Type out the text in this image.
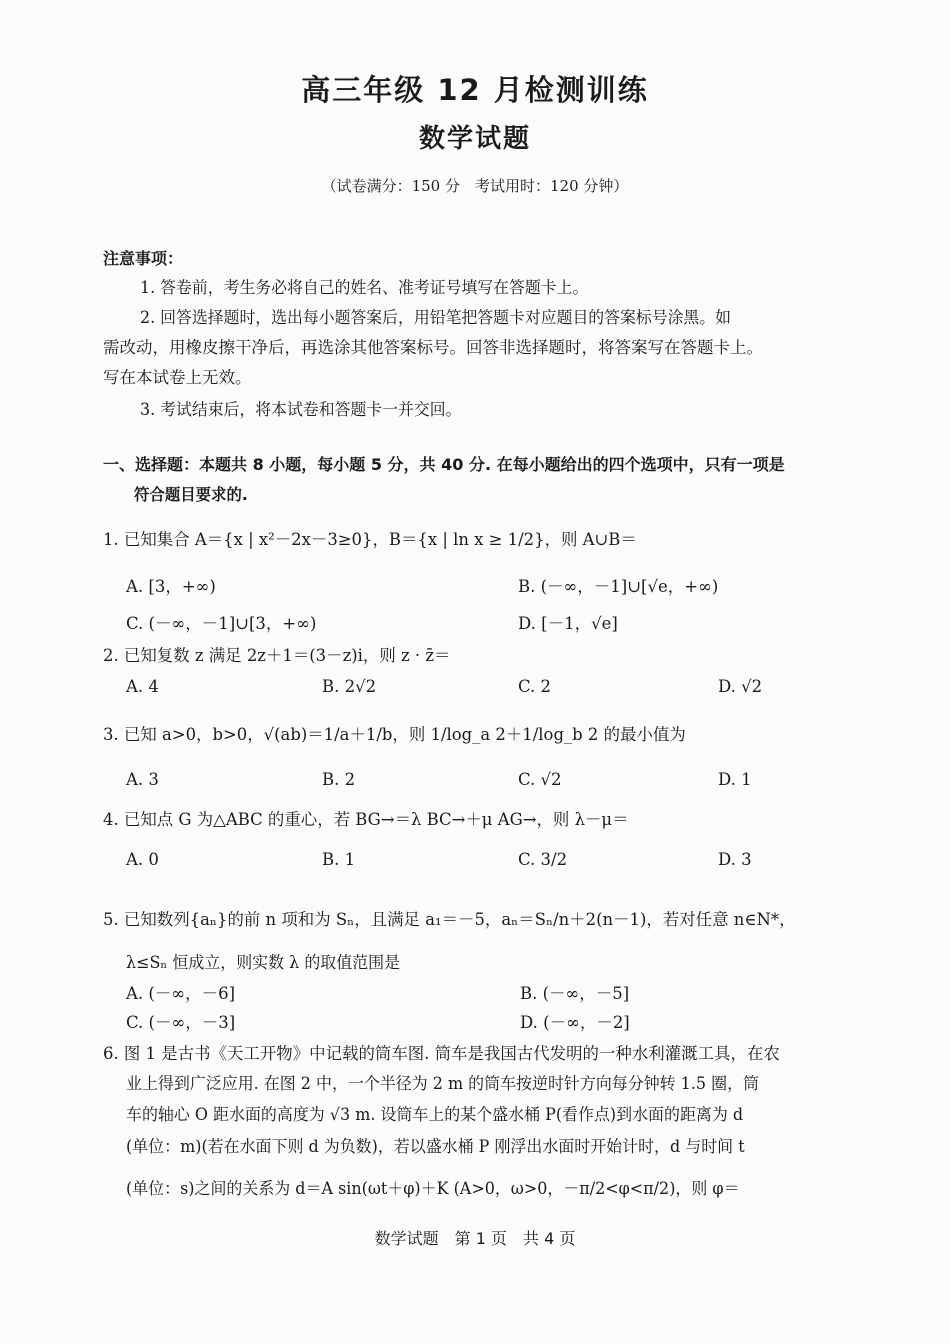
高三年级 12 月检测训练
数学试题
（试卷满分：150 分　考试用时：120 分钟）
注意事项：
1. 答卷前，考生务必将自己的姓名、准考证号填写在答题卡上。
2. 回答选择题时，选出每小题答案后，用铅笔把答题卡对应题目的答案标号涂黑。如
需改动，用橡皮擦干净后，再选涂其他答案标号。回答非选择题时，将答案写在答题卡上。
写在本试卷上无效。
3. 考试结束后，将本试卷和答题卡一并交回。
一、选择题：本题共 8 小题，每小题 5 分，共 40 分. 在每小题给出的四个选项中，只有一项是
符合题目要求的.
1. 已知集合 A＝{x | x²－2x－3≥0}，B＝{x | ln x ≥ 1/2}，则 A∪B＝
A. [3，+∞)	B. (－∞，－1]∪[√e，+∞)
C. (－∞，－1]∪[3，+∞)	D. [－1，√e]
2. 已知复数 z 满足 2z＋1＝(3－z)i，则 z · z̄＝
A. 4	B. 2√2	C. 2	D. √2
3. 已知 a>0，b>0，√(ab)＝1/a＋1/b，则 1/log_a 2＋1/log_b 2 的最小值为
A. 3	B. 2	C. √2	D. 1
4. 已知点 G 为△ABC 的重心，若 BG→＝λ BC→＋μ AG→，则 λ－μ＝
A. 0	B. 1	C. 3/2	D. 3
5. 已知数列{aₙ}的前 n 项和为 Sₙ，且满足 a₁＝－5，aₙ＝Sₙ/n＋2(n－1)，若对任意 n∈N*，
λ≤Sₙ 恒成立，则实数 λ 的取值范围是
A. (－∞，－6]	B. (－∞，－5]
C. (－∞，－3]	D. (－∞，－2]
6. 图 1 是古书《天工开物》中记载的筒车图. 筒车是我国古代发明的一种水利灌溉工具，在农
业上得到广泛应用. 在图 2 中，一个半径为 2 m 的筒车按逆时针方向每分钟转 1.5 圈，筒
车的轴心 O 距水面的高度为 √3 m. 设筒车上的某个盛水桶 P(看作点)到水面的距离为 d
(单位：m)(若在水面下则 d 为负数)，若以盛水桶 P 刚浮出水面时开始计时，d 与时间 t
(单位：s)之间的关系为 d＝A sin(ωt＋φ)＋K (A>0，ω>0，－π/2<φ<π/2)，则 φ＝
数学试题　第 1 页　共 4 页
